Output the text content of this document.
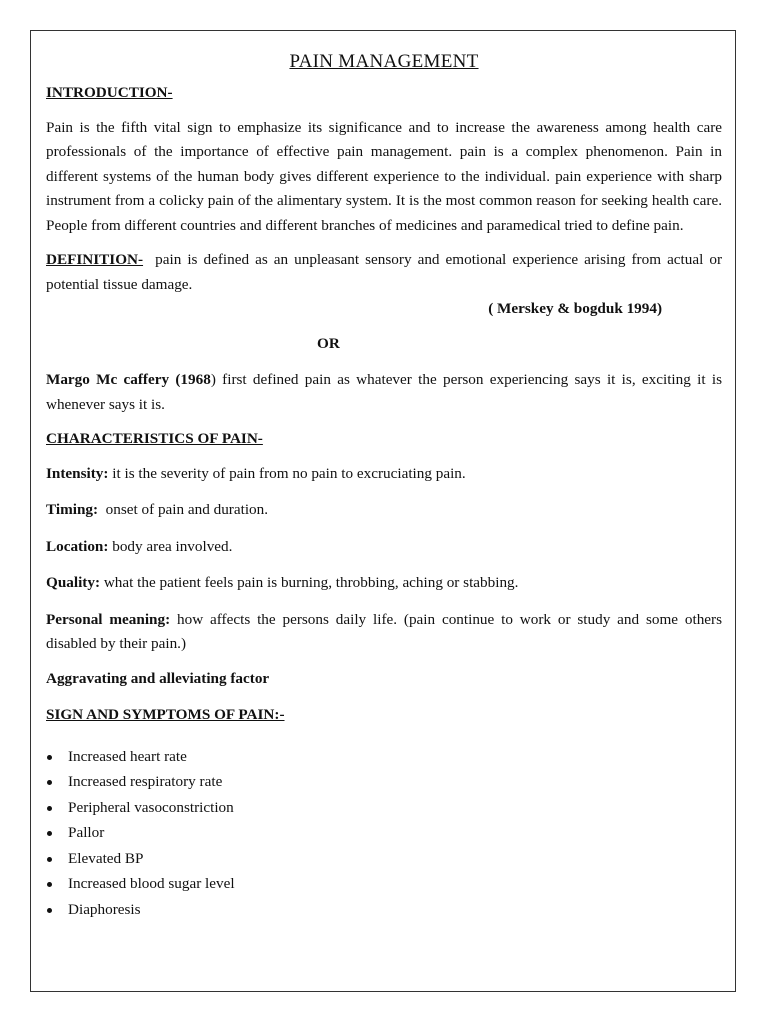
PAIN MANAGEMENT
INTRODUCTION-

Pain is the fifth vital sign to emphasize its significance and to increase the awareness among health care professionals of the importance of effective pain management. pain is a complex phenomenon. Pain in different systems of the human body gives different experience to the individual. pain experience with sharp instrument from a colicky pain of the alimentary system. It is the most common reason for seeking health care. People from different countries and different branches of medicines and paramedical tried to define pain.

DEFINITION- pain is defined as an unpleasant sensory and emotional experience arising from actual or potential tissue damage.

( Merskey & bogduk 1994)
OR

Margo Mc caffery (1968) first defined pain as whatever the person experiencing says it is, exciting it is whenever says it is.

CHARACTERISTICS OF PAIN-
Intensity: it is the severity of pain from no pain to excruciating pain.
Timing: onset of pain and duration.
Location: body area involved.
Quality: what the patient feels pain is burning, throbbing, aching or stabbing.

Personal meaning: how affects the persons daily life. (pain continue to work or study and some others disabled by their pain.)

Aggravating and alleviating factor
SIGN AND SYMPTOMS OF PAIN:-
Increased heart rate
Increased respiratory rate
Peripheral vasoconstriction
Pallor
Elevated BP
Increased blood sugar level
Diaphoresis
